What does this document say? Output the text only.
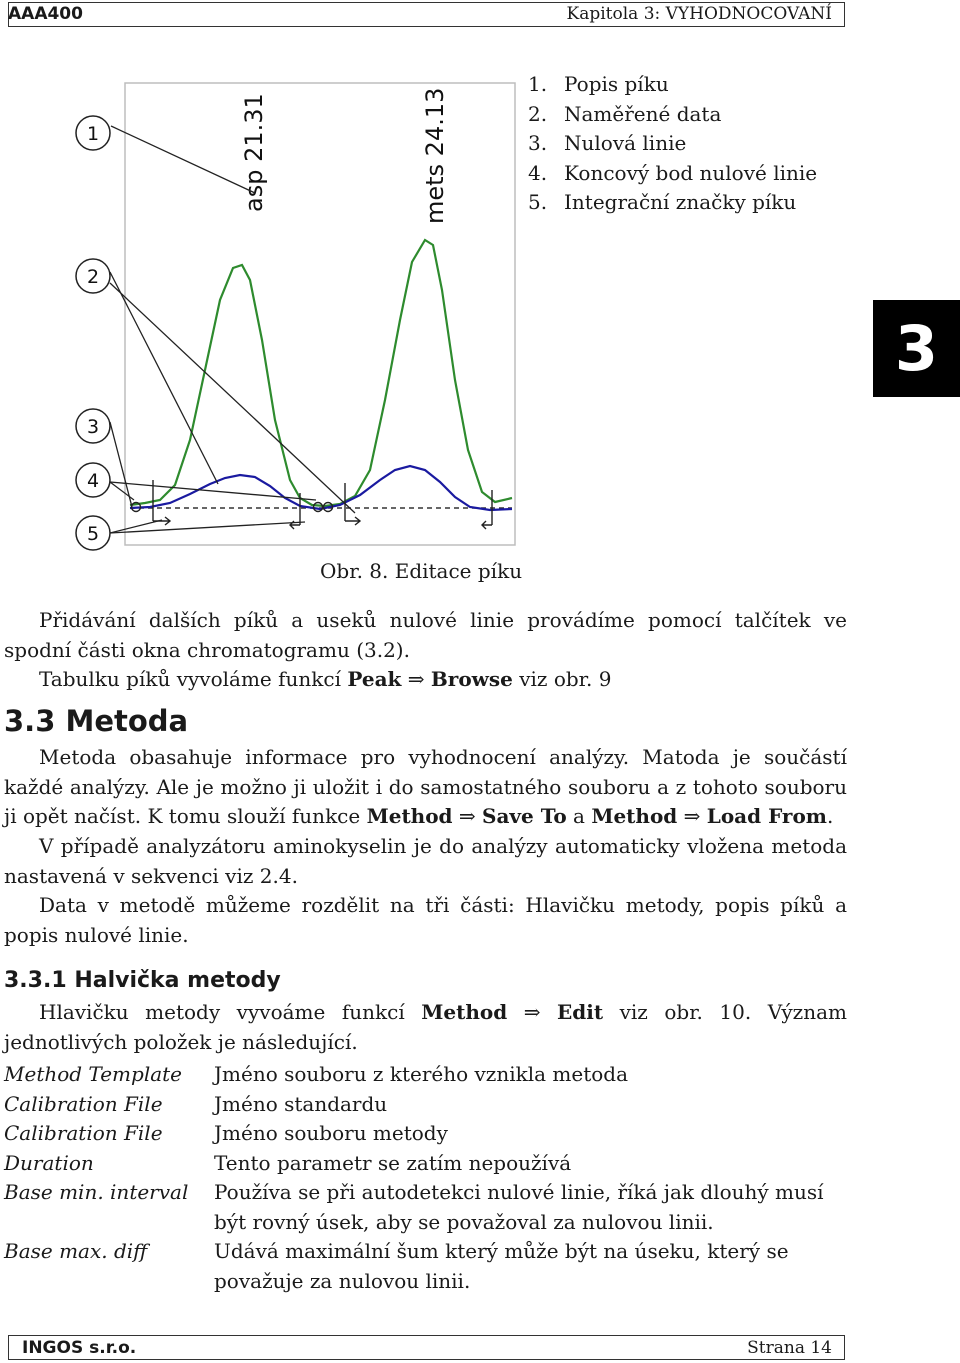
AAA400	Kapitola 3: VYHODNOCOVANÍ
asp 21.31	mets 24.13
1
2
3
4
5
1. Popis píku
2. Naměřené data
3. Nulová linie
4. Koncový bod nulové linie
5. Integrační značky píku
3
Obr. 8. Editace píku

Přidávání dalších píků a useků nulové linie provádíme pomocí talčítek ve spodní části okna chromatogramu (3.2).

Tabulku píků vyvoláme funkcí Peak ⇒ Browse viz obr. 9

3.3 Metoda

Metoda obasahuje informace pro vyhodnocení analýzy. Matoda je součástí každé analýzy. Ale je možno ji uložit i do samostatného souboru a z tohoto souboru ji opět načíst. K tomu slouží funkce Method ⇒ Save To a Method ⇒ Load From.

V případě analyzátoru aminokyselin je do analýzy automaticky vložena metoda nastavená v sekvenci viz 2.4.

Data v metodě můžeme rozdělit na tři části: Hlavičku metody, popis píků a popis nulové linie.

3.3.1 Halvička metody

Hlavičku metody vyvoáme funkcí Method ⇒ Edit viz obr. 10. Význam jednotlivých položek je následující.

Method Template	Jméno souboru z kterého vznikla metoda
Calibration File	Jméno standardu
Calibration File	Jméno souboru metody
Duration	Tento parametr se zatím nepoužívá
Base min. interval	Používa se při autodetekci nulové linie, říká jak dlouhý musí být rovný úsek, aby se považoval za nulovou linii.
Base max. diff	Udává maximální šum který může být na úseku, který se považuje za nulovou linii.
INGOS s.r.o.	Strana 14
